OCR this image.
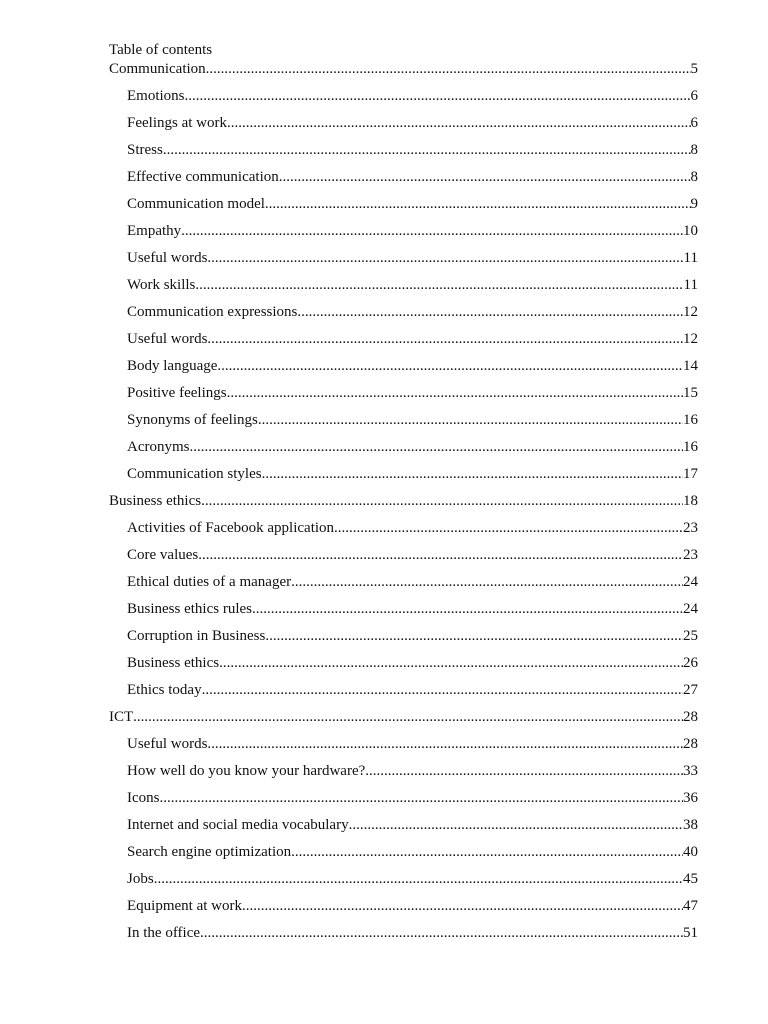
Table of contents
Communication .....	5
Emotions .....	6
Feelings at work .....	6
Stress .....	8
Effective communication .....	8
Communication model .....	9
Empathy .....	10
Useful words .....	11
Work skills .....	11
Communication expressions .....	12
Useful words .....	12
Body language .....	14
Positive feelings .....	15
Synonyms of feelings .....	16
Acronyms .....	16
Communication styles .....	17
Business ethics .....	18
Activities of Facebook application .....	23
Core values .....	23
Ethical duties of a manager .....	24
Business ethics rules .....	24
Corruption in Business .....	25
Business ethics .....	26
Ethics today .....	27
ICT .....	28
Useful words .....	28
How well do you know your hardware? .....	33
Icons .....	36
Internet and social media vocabulary .....	38
Search engine optimization .....	40
Jobs .....	45
Equipment at work .....	47
In the office .....	51
